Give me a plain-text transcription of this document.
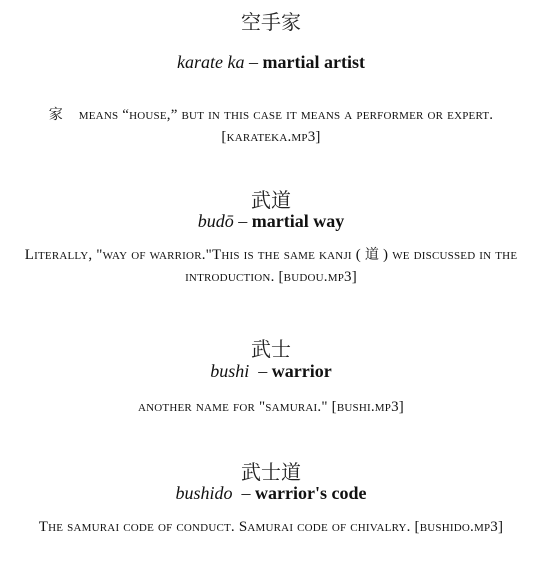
空手家
karate ka – martial artist
家 means “house,” but in this case it means a performer or expert. [karateka.mp3]
武道
budō – martial way
Literally, "way of warrior."This is the same kanji ( 道 ) we discussed in the introduction. [budou.mp3]
武士
bushi  – warrior
another name for "samurai." [bushi.mp3]
武士道
bushido  – warrior's code
The samurai code of conduct. Samurai code of chivalry. [bushido.mp3]
